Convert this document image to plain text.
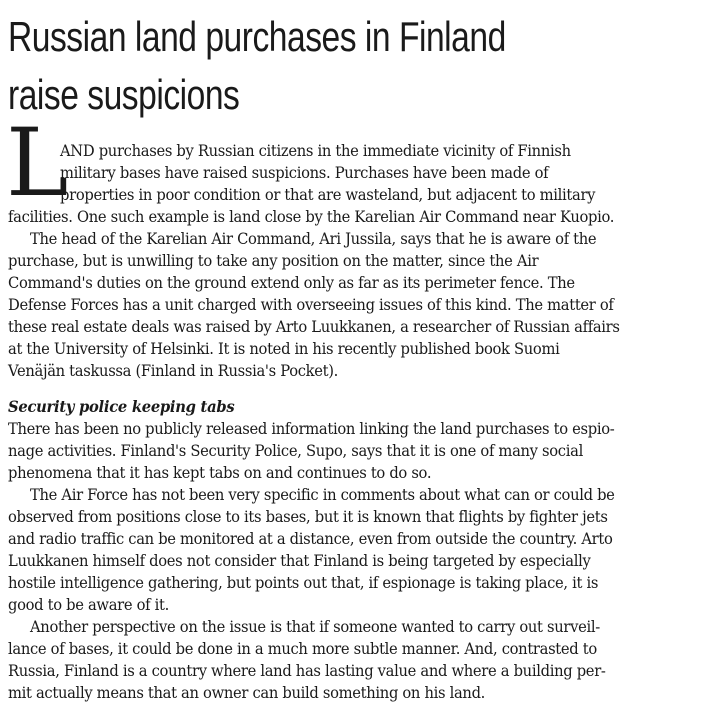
Russian land purchases in Finland
raise suspicions
L
AND purchases by Russian citizens in the immediate vicinity of Finnish
military bases have raised suspicions. Purchases have been made of
properties in poor condition or that are wasteland, but adjacent to military
facilities. One such example is land close by the Karelian Air Command near Kuopio.
The head of the Karelian Air Command, Ari Jussila, says that he is aware of the
purchase, but is unwilling to take any position on the matter, since the Air
Command's duties on the ground extend only as far as its perimeter fence. The
Defense Forces has a unit charged with overseeing issues of this kind. The matter of
these real estate deals was raised by Arto Luukkanen, a researcher of Russian affairs
at the University of Helsinki. It is noted in his recently published book Suomi
Venäjän taskussa (Finland in Russia's Pocket).
Security police keeping tabs
There has been no publicly released information linking the land purchases to espio-
nage activities. Finland's Security Police, Supo, says that it is one of many social
phenomena that it has kept tabs on and continues to do so.
The Air Force has not been very specific in comments about what can or could be
observed from positions close to its bases, but it is known that flights by fighter jets
and radio traffic can be monitored at a distance, even from outside the country. Arto
Luukkanen himself does not consider that Finland is being targeted by especially
hostile intelligence gathering, but points out that, if espionage is taking place, it is
good to be aware of it.
Another perspective on the issue is that if someone wanted to carry out surveil-
lance of bases, it could be done in a much more subtle manner. And, contrasted to
Russia, Finland is a country where land has lasting value and where a building per-
mit actually means that an owner can build something on his land.
